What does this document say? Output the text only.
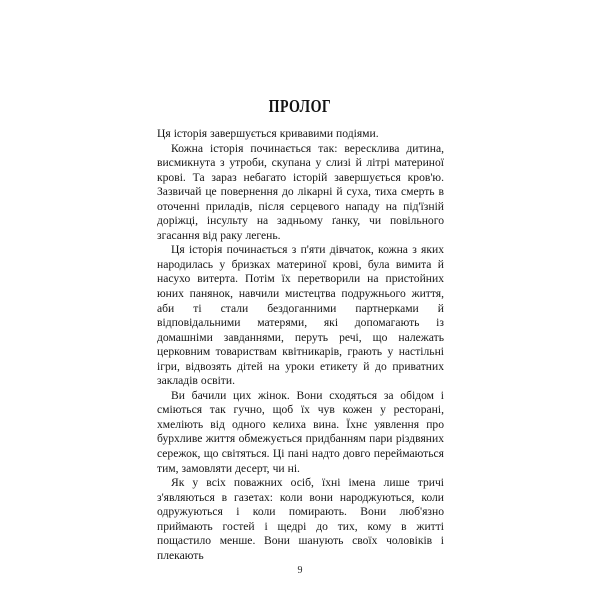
ПРОЛОГ

Ця історія завершується кривавими подіями.

Кожна історія починається так: вересклива дитина, висмикнута з утроби, скупана у слизі й літрі материної крові. Та зараз небагато історій завершується кров'ю. Зазвичай це повернення до лікарні й суха, тиха смерть в оточенні приладів, після серцевого нападу на під'їзній доріжці, інсульту на задньому ґанку, чи повільного згасання від раку легень.

Ця історія починається з п'яти дівчаток, кожна з яких народилась у бризках материної крові, була вимита й насухо витерта. Потім їх перетворили на пристойних юних панянок, навчили мистецтва подружнього життя, аби ті стали бездоганними партнерками й відповідальними матерями, які допомагають із домашніми завданнями, перуть речі, що належать церковним товариствам квітникарів, грають у настільні ігри, відвозять дітей на уроки етикету й до приватних закладів освіти.

Ви бачили цих жінок. Вони сходяться за обідом і сміються так гучно, щоб їх чув кожен у ресторані, хмеліють від одного келиха вина. Їхнє уявлення про бурхливе життя обмежується придбанням пари різдвяних сережок, що світяться. Ці пані надто довго переймаються тим, замовляти десерт, чи ні.

Як у всіх поважних осіб, їхні імена лише тричі з'являються в газетах: коли вони народжуються, коли одружуються і коли помирають. Вони люб'язно приймають гостей і щедрі до тих, кому в житті пощастило менше. Вони шанують своїх чоловіків і плекають

9
